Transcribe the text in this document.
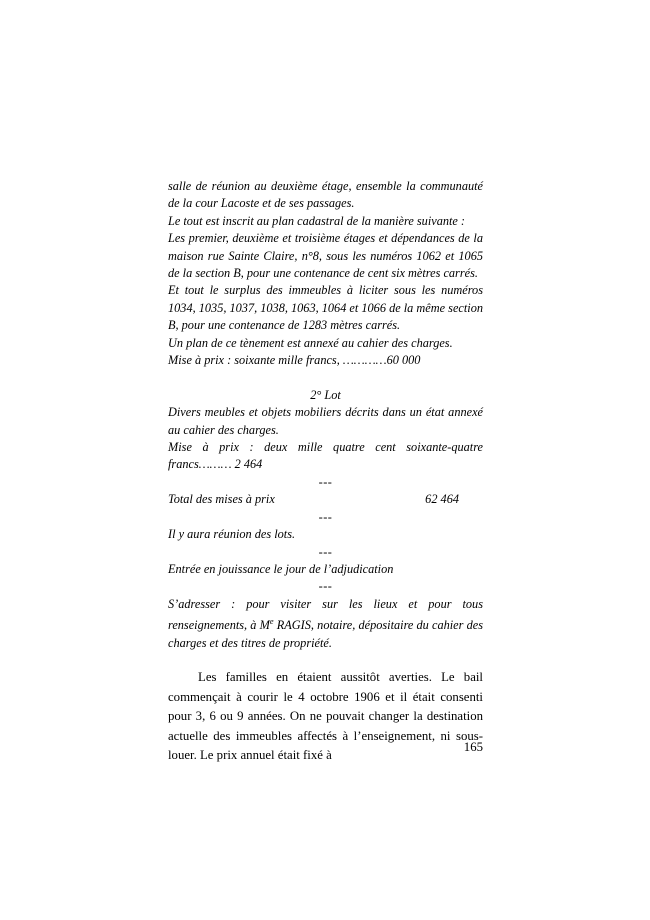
salle de réunion au deuxième étage, ensemble la communauté de la cour Lacoste et de ses passages.

Le tout est inscrit au plan cadastral de la manière suivante :

Les premier, deuxième et troisième étages et dépendances de la maison rue Sainte Claire, n°8, sous les numéros 1062 et 1065 de la section B, pour une contenance de cent six mètres carrés.

Et tout le surplus des immeubles à liciter sous les numéros 1034, 1035, 1037, 1038, 1063, 1064 et 1066 de la même section B, pour une contenance de 1283 mètres carrés.

Un plan de ce tènement est annexé au cahier des charges.

Mise à prix : soixante mille francs, …………60 000

2° Lot

Divers meubles et objets mobiliers décrits dans un état annexé au cahier des charges.

Mise à prix : deux mille quatre cent soixante-quatre francs……… 2 464

---
Total des mises à prix	62 464
---

Il y aura réunion des lots.

---

Entrée en jouissance le jour de l’adjudication

---

S’adresser : pour visiter sur les lieux et pour tous renseignements, à Me RAGIS, notaire, dépositaire du cahier des charges et des titres de propriété.

Les familles en étaient aussitôt averties. Le bail commençait à courir le 4 octobre 1906 et il était consenti pour 3, 6 ou 9 années. On ne pouvait changer la destination actuelle des immeubles affectés à l’enseignement, ni sous-louer. Le prix annuel était fixé à

165
